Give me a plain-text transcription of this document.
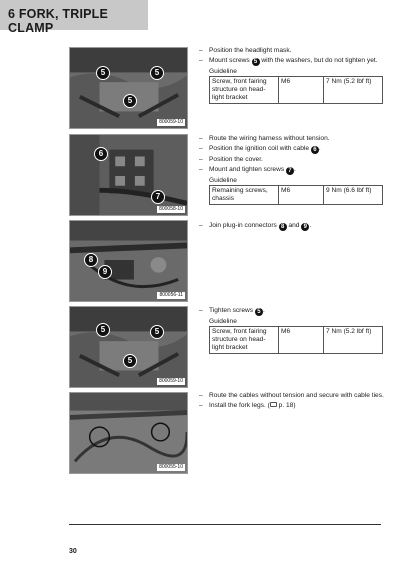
6 FORK, TRIPLE CLAMP
5	5
5
800059-10
6
7
800058-10
8
9
800056-11
5	5
5
800059-10
800055-10
– Position the headlight mask.
– Mount screws 5 with the washers, but do not tighten yet.
Guideline
Screw, front fairing structure on head-light bracket	M6	7 Nm (5.2 lbf ft)
– Route the wiring harness without tension.
– Position the ignition coil with cable 6 .
– Position the cover.
– Mount and tighten screws 7 .
Guideline
Remaining screws, chassis	M6	9 Nm (6.6 lbf ft)
– Join plug-in connectors 8 and 9 .
– Tighten screws 5 .
Guideline
Screw, front fairing structure on head-light bracket	M6	7 Nm (5.2 lbf ft)
– Route the cables without tension and secure with cable ties.
– Install the fork legs. ( p. 18)
30
